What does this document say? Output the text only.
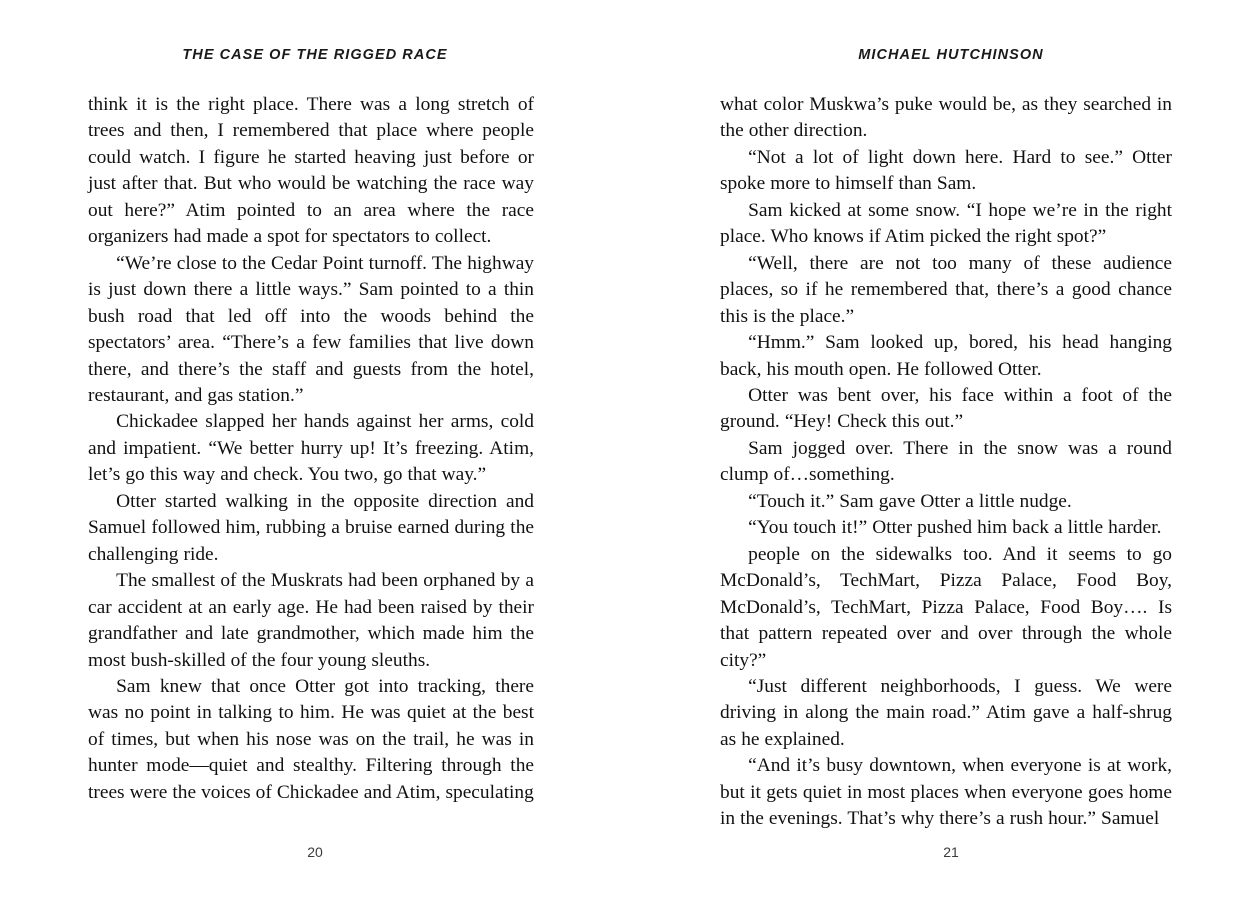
THE CASE OF THE RIGGED RACE

think it is the right place. There was a long stretch of trees and then, I remembered that place where people could watch. I figure he started heaving just before or just after that. But who would be watching the race way out here?” Atim pointed to an area where the race organizers had made a spot for spectators to collect.

“We’re close to the Cedar Point turnoff. The highway is just down there a little ways.” Sam pointed to a thin bush road that led off into the woods behind the spectators’ area. “There’s a few families that live down there, and there’s the staff and guests from the hotel, restaurant, and gas station.”

Chickadee slapped her hands against her arms, cold and impatient. “We better hurry up! It’s freezing. Atim, let’s go this way and check. You two, go that way.”

Otter started walking in the opposite direction and Samuel followed him, rubbing a bruise earned during the challenging ride.

The smallest of the Muskrats had been orphaned by a car accident at an early age. He had been raised by their grandfather and late grandmother, which made him the most bush-skilled of the four young sleuths.

Sam knew that once Otter got into tracking, there was no point in talking to him. He was quiet at the best of times, but when his nose was on the trail, he was in hunter mode—quiet and stealthy. Filtering through the trees were the voices of Chickadee and Atim, speculating

20
MICHAEL HUTCHINSON

what color Muskwa’s puke would be, as they searched in the other direction.

“Not a lot of light down here. Hard to see.” Otter spoke more to himself than Sam.

Sam kicked at some snow. “I hope we’re in the right place. Who knows if Atim picked the right spot?”

“Well, there are not too many of these audience places, so if he remembered that, there’s a good chance this is the place.”

“Hmm.” Sam looked up, bored, his head hanging back, his mouth open. He followed Otter.

Otter was bent over, his face within a foot of the ground. “Hey! Check this out.”

Sam jogged over. There in the snow was a round clump of…something.

“Touch it.” Sam gave Otter a little nudge.

“You touch it!” Otter pushed him back a little harder.

people on the sidewalks too. And it seems to go McDonald’s, TechMart, Pizza Palace, Food Boy, McDonald’s, TechMart, Pizza Palace, Food Boy…. Is that pattern repeated over and over through the whole city?”

“Just different neighborhoods, I guess. We were driving in along the main road.” Atim gave a half-shrug as he explained.

“And it’s busy downtown, when everyone is at work, but it gets quiet in most places when everyone goes home in the evenings. That’s why there’s a rush hour.” Samuel

21
